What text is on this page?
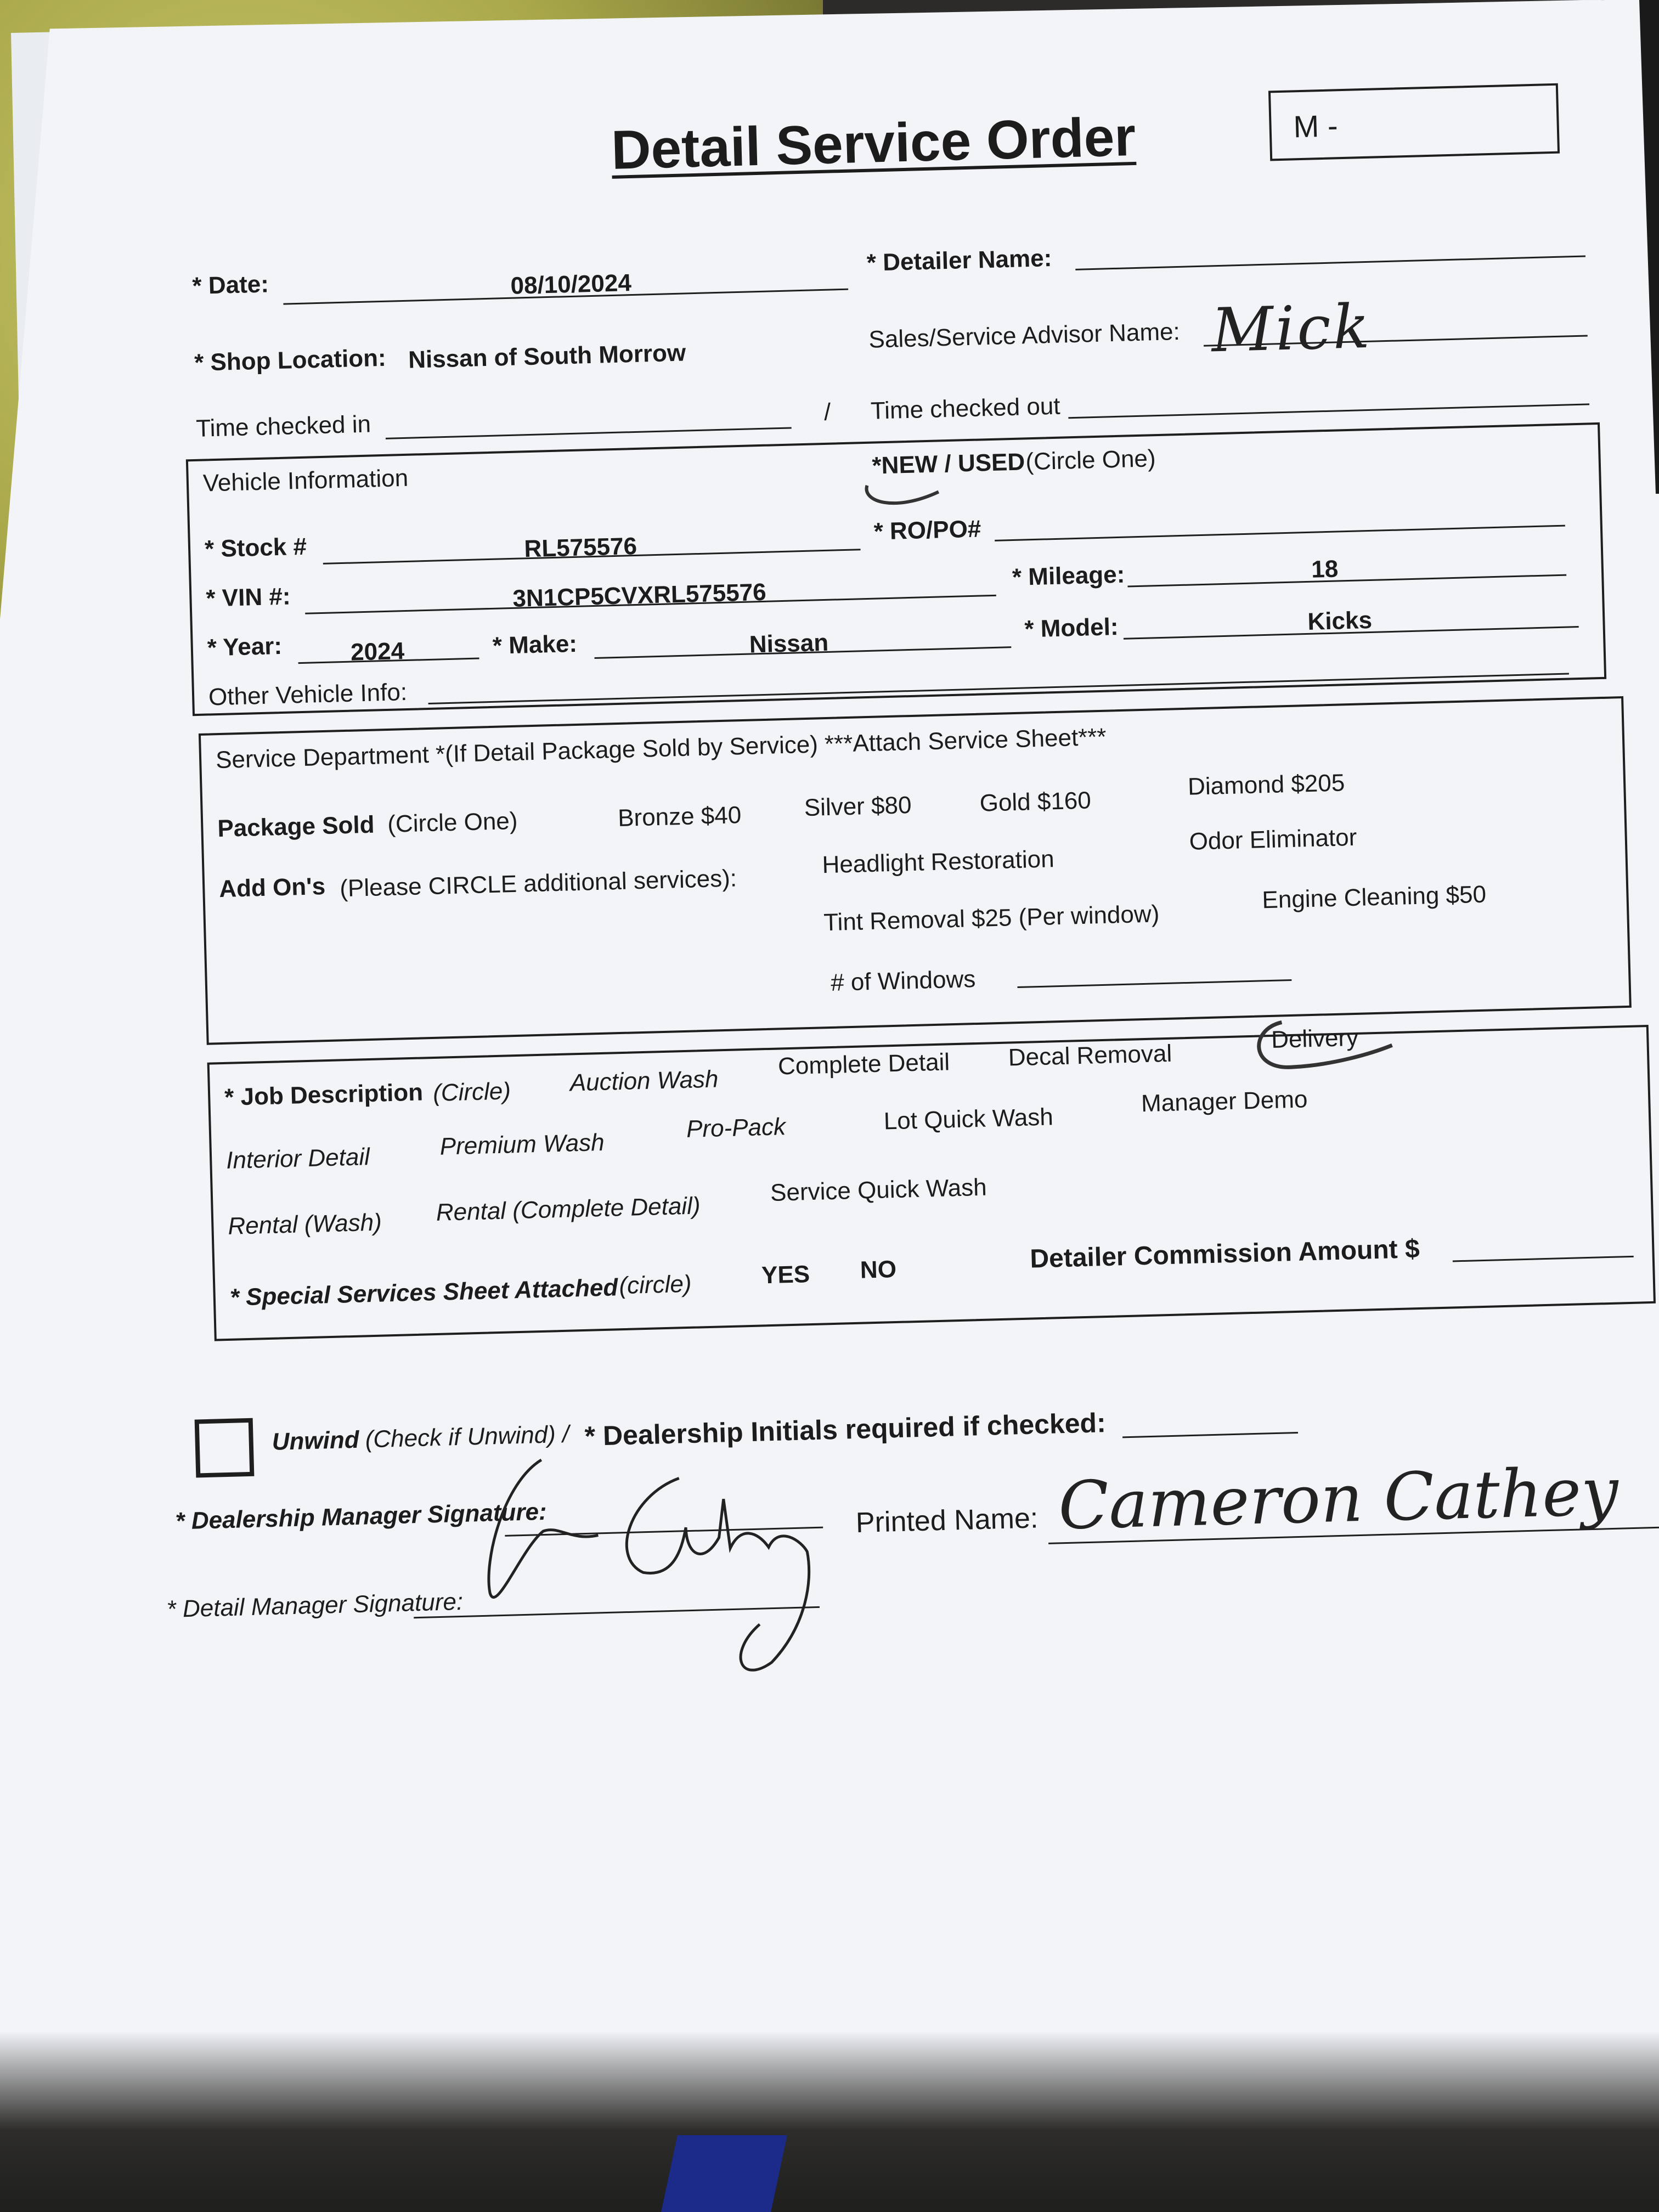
Detail Service Order	M -
* Date:	08/10/2024
* Detailer Name:
* Shop Location: Nissan of South Morrow
Sales/Service Advisor Name: Mick
Time checked in	/ Time checked out
Vehicle Information
*NEW / USED (Circle One)
* Stock #	RL575576
* RO/PO#
* VIN #:	3N1CP5CVXRL575576
* Mileage:	18
* Year:	2024	* Make:	Nissan
* Model:	Kicks
Other Vehicle Info:
Service Department *(If Detail Package Sold by Service) ***Attach Service Sheet***
Package Sold (Circle One)	Bronze $40	Silver $80	Gold $160
Diamond $205
Add On's (Please CIRCLE additional services):
Headlight Restoration
Odor Eliminator
Tint Removal $25 (Per window)
Engine Cleaning $50
# of Windows
* Job Description (Circle) Auction Wash
Complete Detail Decal Removal
Delivery
Interior Detail	Premium Wash
Pro-Pack	Lot Quick Wash
Manager Demo
Rental (Wash) Rental (Complete Detail)
Service Quick Wash
* Special Services Sheet Attached (circle)	YES NO	Detailer Commission Amount $
Unwind (Check if Unwind) / * Dealership Initials required if checked:
* Dealership Manager Signature:	Printed Name: Cameron Cathey
* Detail Manager Signature:
